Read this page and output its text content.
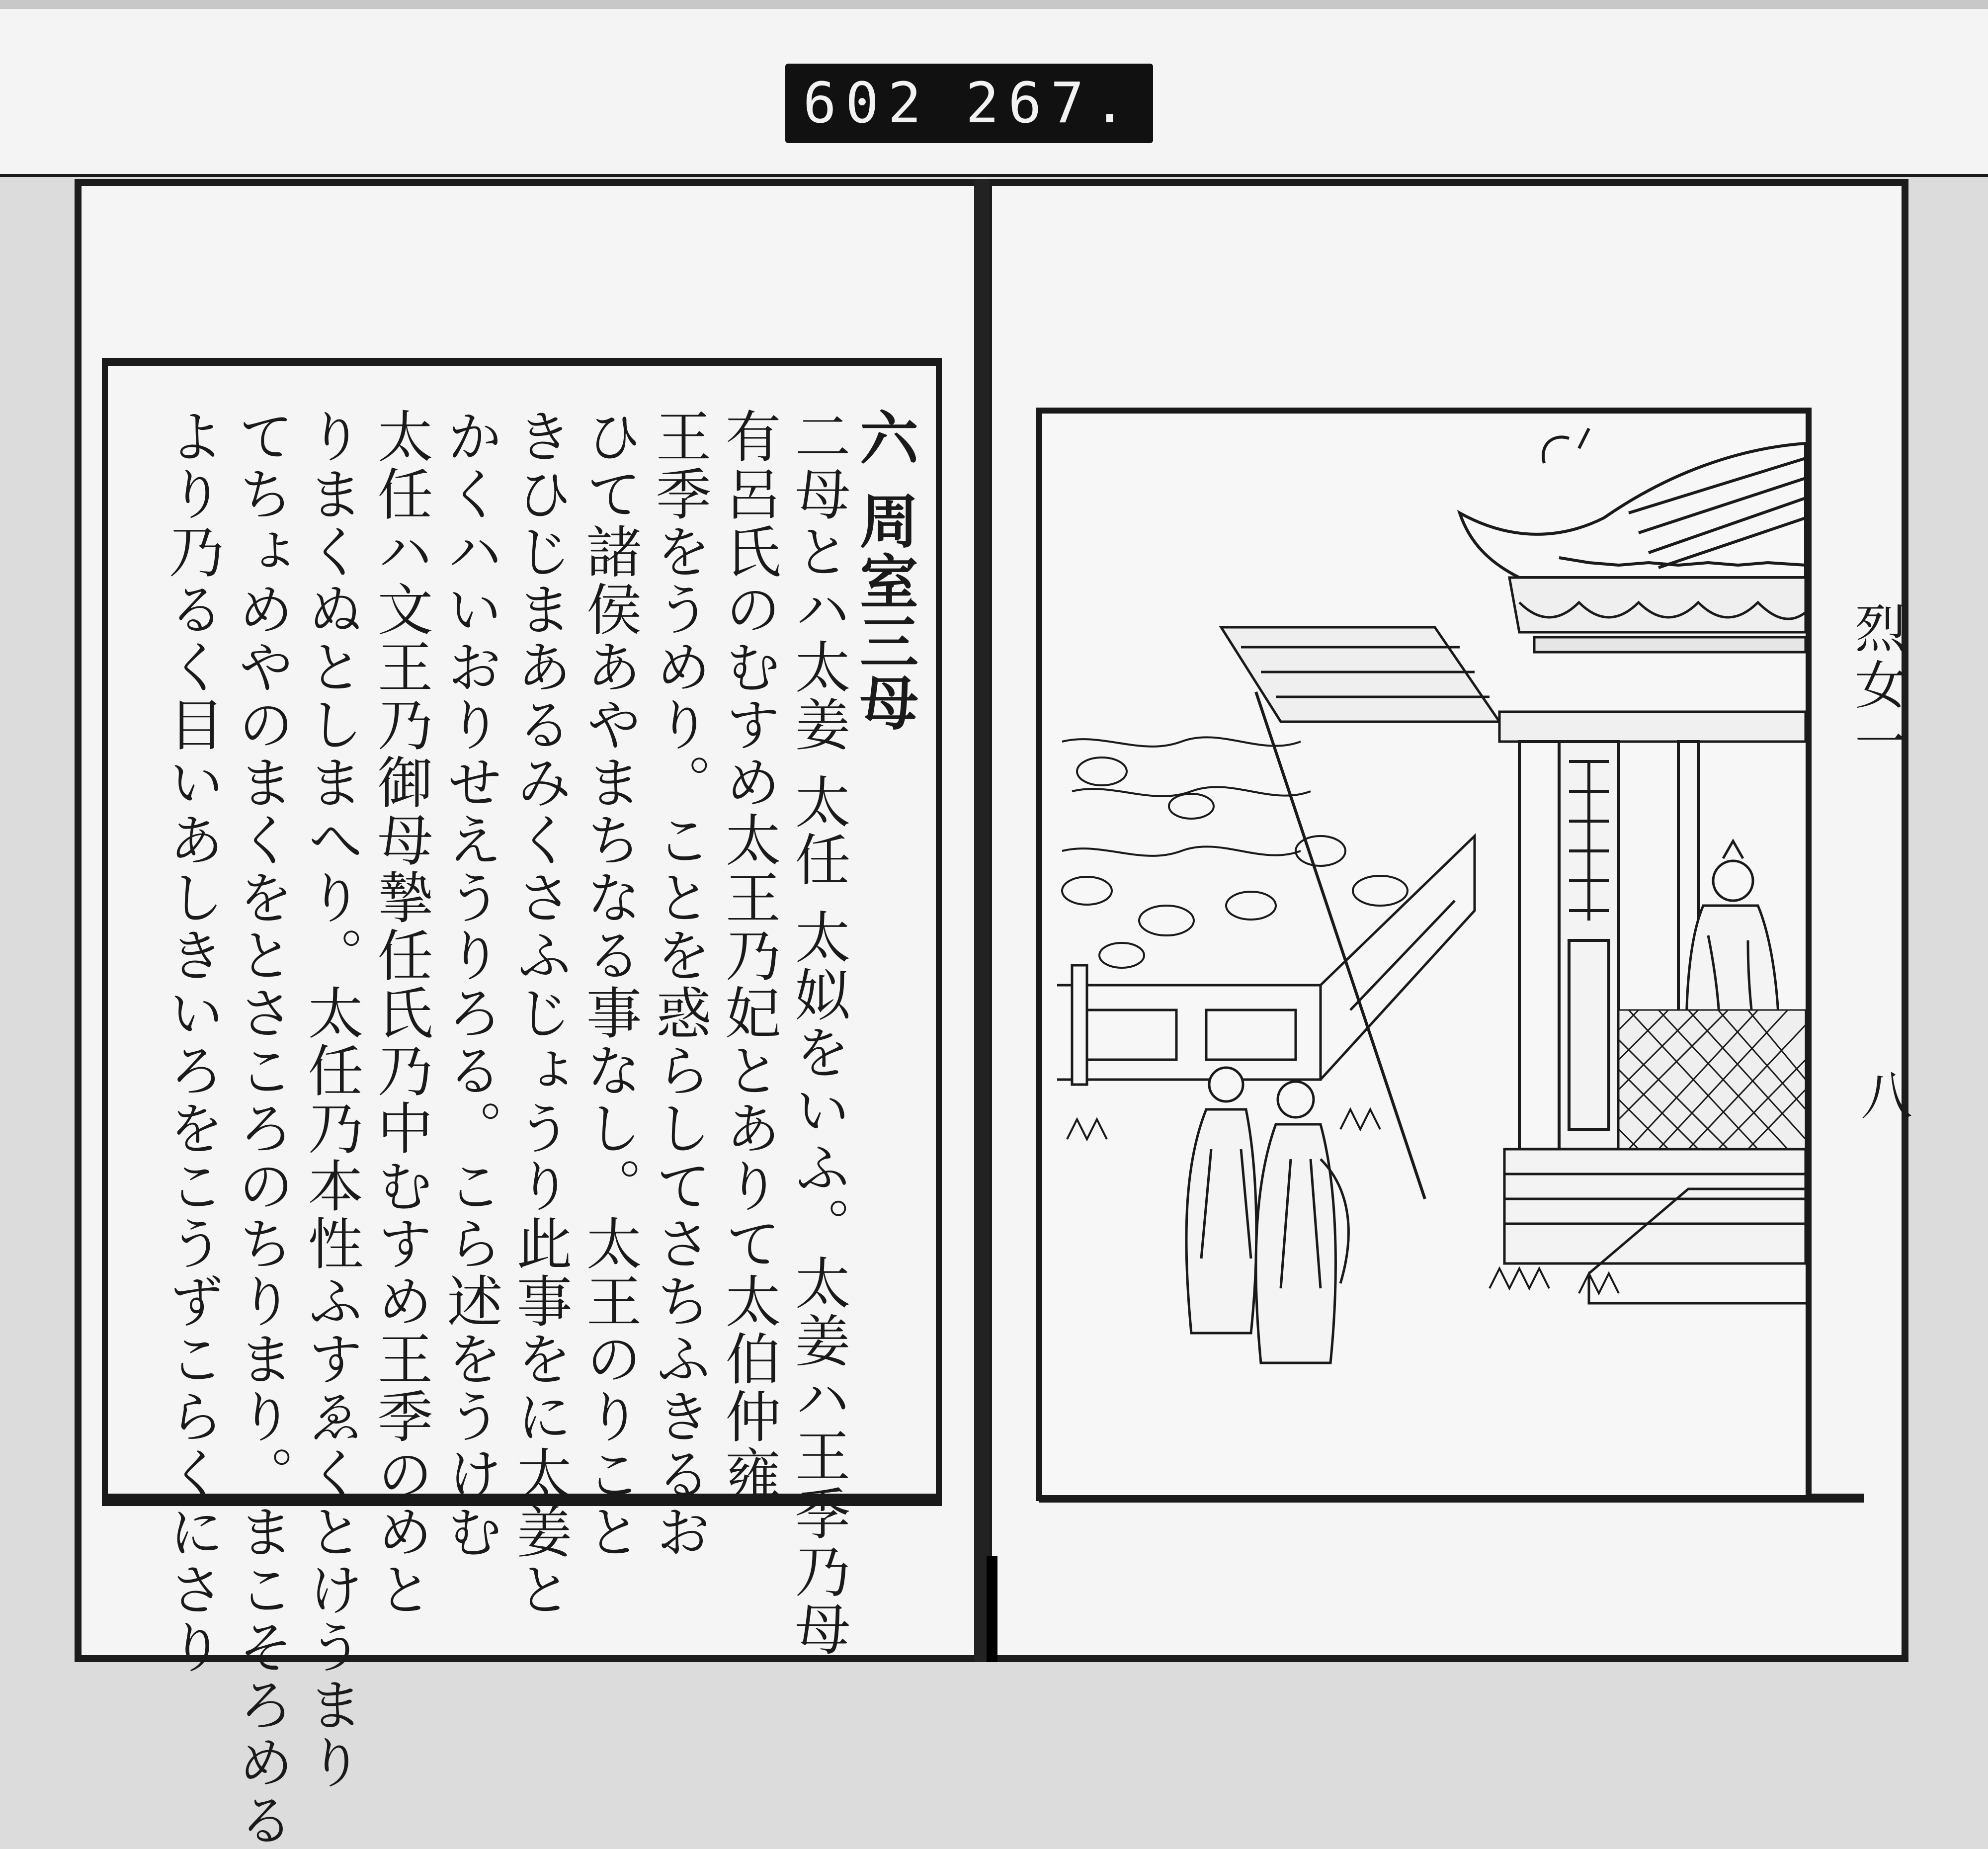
602 267.
六 周室三母
二母とハ太姜 太任 太姒をいふ。太姜ハ王季乃母
有呂氏のむすめ太王乃妃とありて太伯仲雍
王季をうめり。ことを惑らしてさちふきるお
ひて諸侯あやまちなる事なし。太王のりこと
きひじまあるみくさふじょうり此事をに太姜と
かくハいおりせえうりろる。こら述をうけむ
太任ハ文王乃御母摯任氏乃中むすめ王季のめと
りまくぬとしまへり。太任乃本性ふすゑくとけうまり
てちょめやのまくをとさころのちりまり。まこそろめる
より乃るく目いあしきいろをこうずこらくにさり	烈女一
八
